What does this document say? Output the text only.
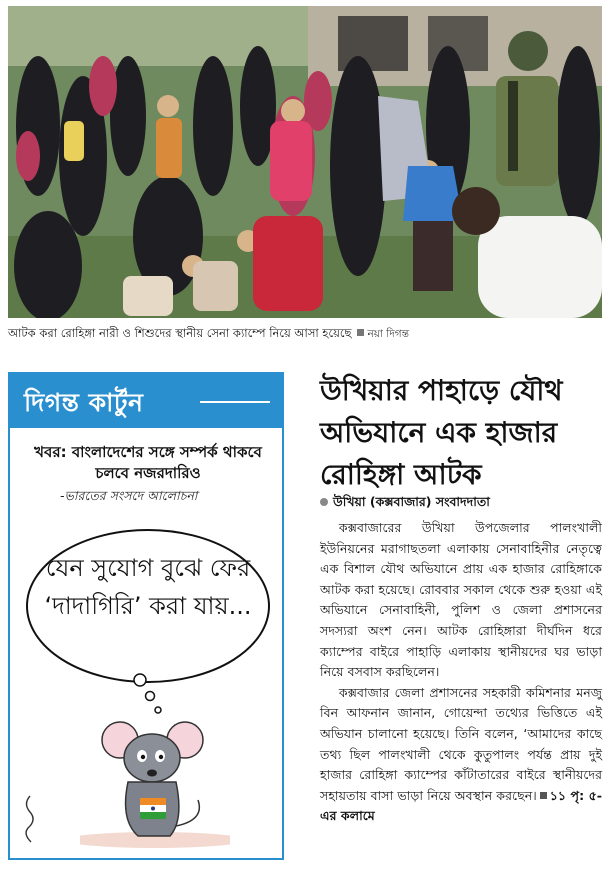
আটক করা রোহিঙ্গা নারী ও শিশুদের স্থানীয় সেনা ক্যাম্পে নিয়ে আসা হয়েছে নয়া দিগন্ত
দিগন্ত কার্টুন
খবর: বাংলাদেশের সঙ্গে সম্পর্ক থাকবে চলবে নজরদারিও
-ভারতের সংসদে আলোচনা
যেন সুযোগ বুঝে ফের ‘দাদাগিরি’ করা যায়...
উখিয়ার পাহাড়ে যৌথ অভিযানে এক হাজার রোহিঙ্গা আটক
উখিয়া (কক্সবাজার) সংবাদদাতা

কক্সবাজারের উখিয়া উপজেলার পালংখালী ইউনিয়নের মরাগাছতলা এলাকায় সেনাবাহিনীর নেতৃত্বে এক বিশাল যৌথ অভিযানে প্রায় এক হাজার রোহিঙ্গাকে আটক করা হয়েছে। রোববার সকাল থেকে শুরু হওয়া এই অভিযানে সেনাবাহিনী, পুলিশ ও জেলা প্রশাসনের সদস্যরা অংশ নেন। আটক রোহিঙ্গারা দীর্ঘদিন ধরে ক্যাম্পের বাইরে পাহাড়ি এলাকায় স্থানীয়দের ঘর ভাড়া নিয়ে বসবাস করছিলেন।

কক্সবাজার জেলা প্রশাসনের সহকারী কমিশনার মনজু বিন আফনান জানান, গোয়েন্দা তথ্যের ভিত্তিতে এই অভিযান চালানো হয়েছে। তিনি বলেন, ‘আমাদের কাছে তথ্য ছিল পালংখালী থেকে কুতুপালং পর্যন্ত প্রায় দুই হাজার রোহিঙ্গা ক্যাম্পের কাঁটাতারের বাইরে স্থানীয়দের সহায়তায় বাসা ভাড়া নিয়ে অবস্থান করছেন। ১১ পৃ: ৫-এর কলামে
